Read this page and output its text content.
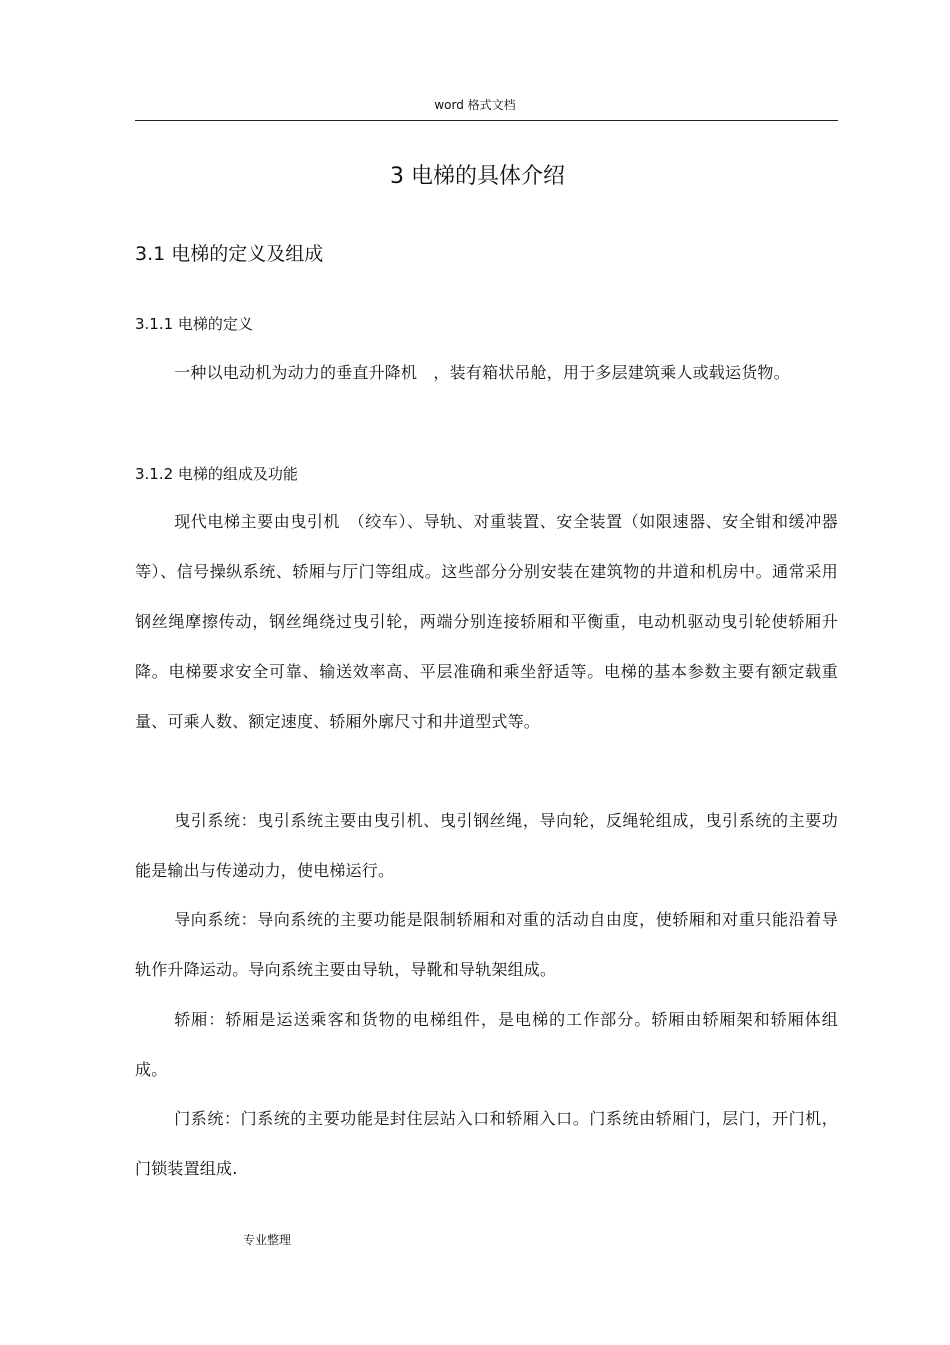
word 格式文档
3 电梯的具体介绍
3.1 电梯的定义及组成
3.1.1 电梯的定义
一种以电动机为动力的垂直升降机　，装有箱状吊舱，用于多层建筑乘人或载运货物。
3.1.2 电梯的组成及功能
现代电梯主要由曳引机　（绞车）、导轨、对重装置、安全装置（如限速器、安全钳和缓冲器等）、信号操纵系统、轿厢与厅门等组成。这些部分分别安装在建筑物的井道和机房中。通常采用钢丝绳摩擦传动，钢丝绳绕过曳引轮，两端分别连接轿厢和平衡重，电动机驱动曳引轮使轿厢升降。电梯要求安全可靠、输送效率高、平层准确和乘坐舒适等。电梯的基本参数主要有额定载重量、可乘人数、额定速度、轿厢外廓尺寸和井道型式等。
曳引系统：曳引系统主要由曳引机、曳引钢丝绳，导向轮，反绳轮组成，曳引系统的主要功能是输出与传递动力，使电梯运行。
导向系统：导向系统的主要功能是限制轿厢和对重的活动自由度，使轿厢和对重只能沿着导轨作升降运动。导向系统主要由导轨，导靴和导轨架组成。
轿厢：轿厢是运送乘客和货物的电梯组件，是电梯的工作部分。轿厢由轿厢架和轿厢体组成。
门系统：门系统的主要功能是封住层站入口和轿厢入口。门系统由轿厢门，层门，开门机，门锁装置组成.
专业整理
